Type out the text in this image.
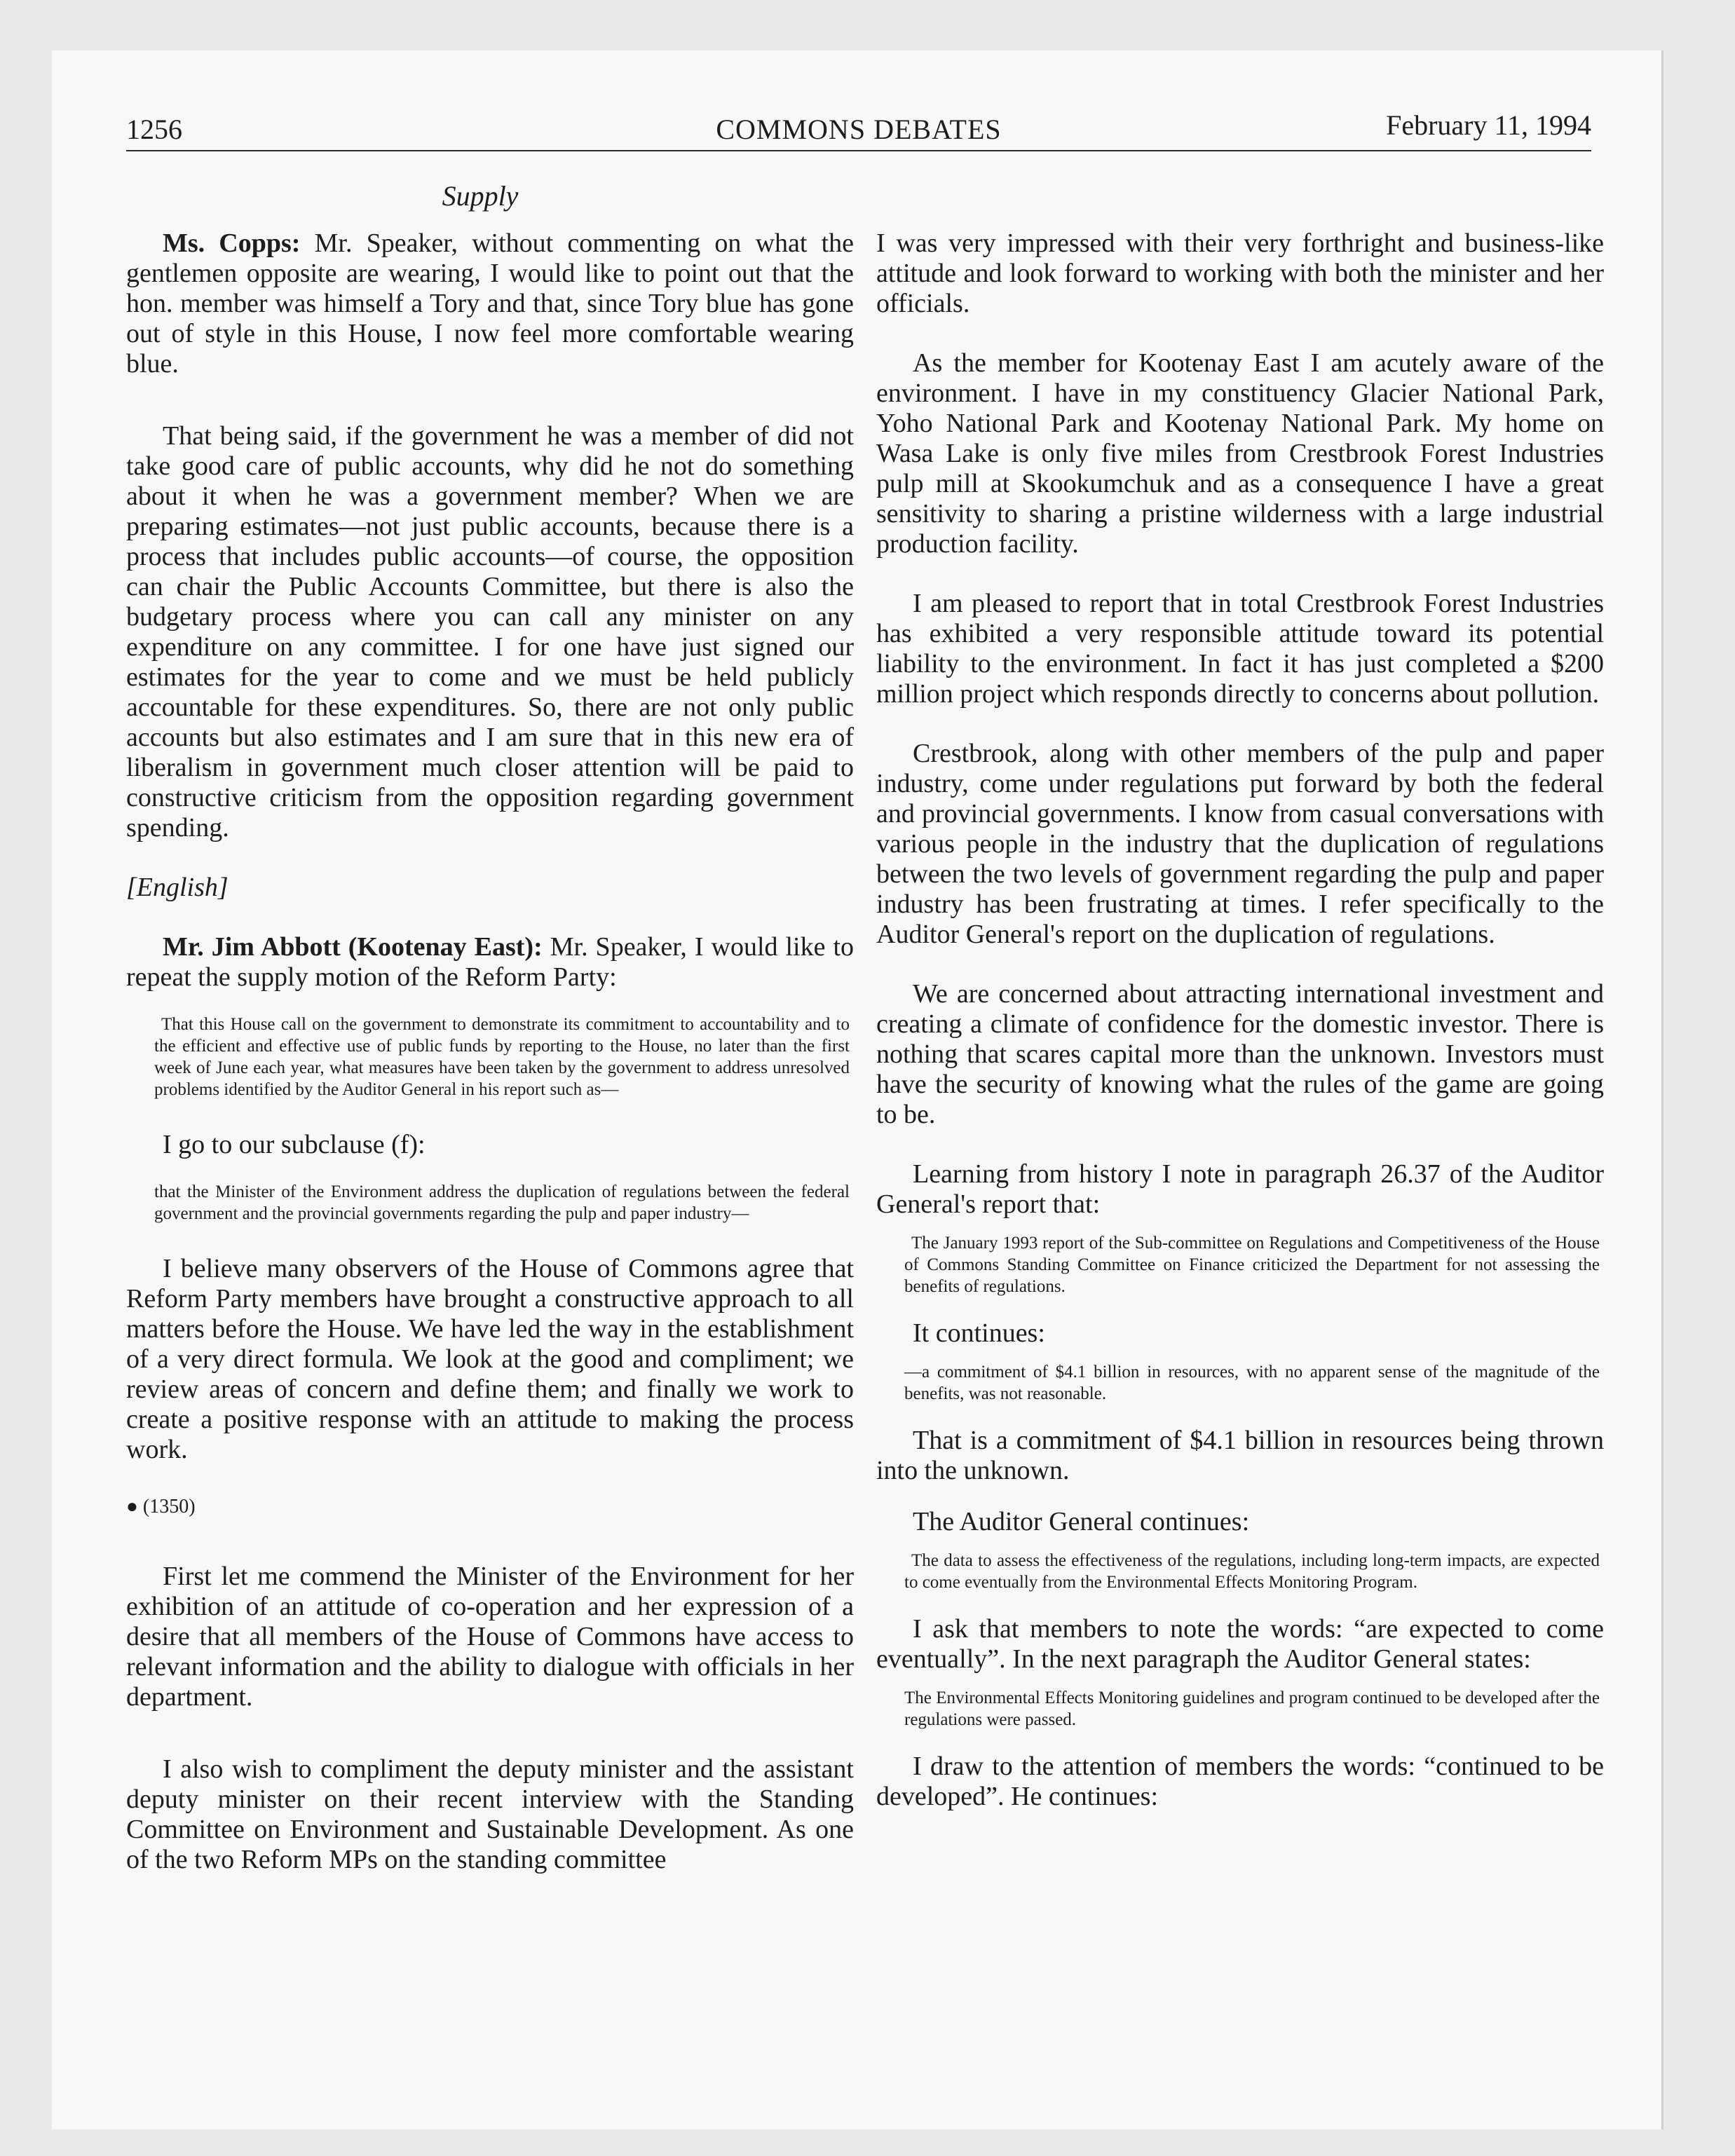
1256	COMMONS DEBATES	February 11, 1994
Supply

Ms. Copps: Mr. Speaker, without commenting on what the gentlemen opposite are wearing, I would like to point out that the hon. member was himself a Tory and that, since Tory blue has gone out of style in this House, I now feel more comfortable wearing blue.

That being said, if the government he was a member of did not take good care of public accounts, why did he not do something about it when he was a government member? When we are preparing estimates—not just public accounts, because there is a process that includes public accounts—of course, the opposition can chair the Public Accounts Committee, but there is also the budgetary process where you can call any minister on any expenditure on any committee. I for one have just signed our estimates for the year to come and we must be held publicly accountable for these expenditures. So, there are not only public accounts but also estimates and I am sure that in this new era of liberalism in government much closer attention will be paid to constructive criticism from the opposition regarding government spending.

[English]

Mr. Jim Abbott (Kootenay East): Mr. Speaker, I would like to repeat the supply motion of the Reform Party:

That this House call on the government to demonstrate its commitment to accountability and to the efficient and effective use of public funds by reporting to the House, no later than the first week of June each year, what measures have been taken by the government to address unresolved problems identified by the Auditor General in his report such as—

I go to our subclause (f):

that the Minister of the Environment address the duplication of regulations between the federal government and the provincial governments regarding the pulp and paper industry—

I believe many observers of the House of Commons agree that Reform Party members have brought a constructive approach to all matters before the House. We have led the way in the establishment of a very direct formula. We look at the good and compliment; we review areas of concern and define them; and finally we work to create a positive response with an attitude to making the process work.

● (1350)

First let me commend the Minister of the Environment for her exhibition of an attitude of co-operation and her expression of a desire that all members of the House of Commons have access to relevant information and the ability to dialogue with officials in her department.

I also wish to compliment the deputy minister and the assistant deputy minister on their recent interview with the Standing Committee on Environment and Sustainable Development. As one of the two Reform MPs on the standing committee

I was very impressed with their very forthright and business-like attitude and look forward to working with both the minister and her officials.

As the member for Kootenay East I am acutely aware of the environment. I have in my constituency Glacier National Park, Yoho National Park and Kootenay National Park. My home on Wasa Lake is only five miles from Crestbrook Forest Industries pulp mill at Skookumchuk and as a consequence I have a great sensitivity to sharing a pristine wilderness with a large industrial production facility.

I am pleased to report that in total Crestbrook Forest Industries has exhibited a very responsible attitude toward its potential liability to the environment. In fact it has just completed a $200 million project which responds directly to concerns about pollution.

Crestbrook, along with other members of the pulp and paper industry, come under regulations put forward by both the federal and provincial governments. I know from casual conversations with various people in the industry that the duplication of regulations between the two levels of government regarding the pulp and paper industry has been frustrating at times. I refer specifically to the Auditor General's report on the duplication of regulations.

We are concerned about attracting international investment and creating a climate of confidence for the domestic investor. There is nothing that scares capital more than the unknown. Investors must have the security of knowing what the rules of the game are going to be.

Learning from history I note in paragraph 26.37 of the Auditor General's report that:

The January 1993 report of the Sub-committee on Regulations and Competitiveness of the House of Commons Standing Committee on Finance criticized the Department for not assessing the benefits of regulations.

It continues:

—a commitment of $4.1 billion in resources, with no apparent sense of the magnitude of the benefits, was not reasonable.

That is a commitment of $4.1 billion in resources being thrown into the unknown.

The Auditor General continues:

The data to assess the effectiveness of the regulations, including long-term impacts, are expected to come eventually from the Environmental Effects Monitoring Program.

I ask that members to note the words: “are expected to come eventually”. In the next paragraph the Auditor General states:

The Environmental Effects Monitoring guidelines and program continued to be developed after the regulations were passed.

I draw to the attention of members the words: “continued to be developed”. He continues:
